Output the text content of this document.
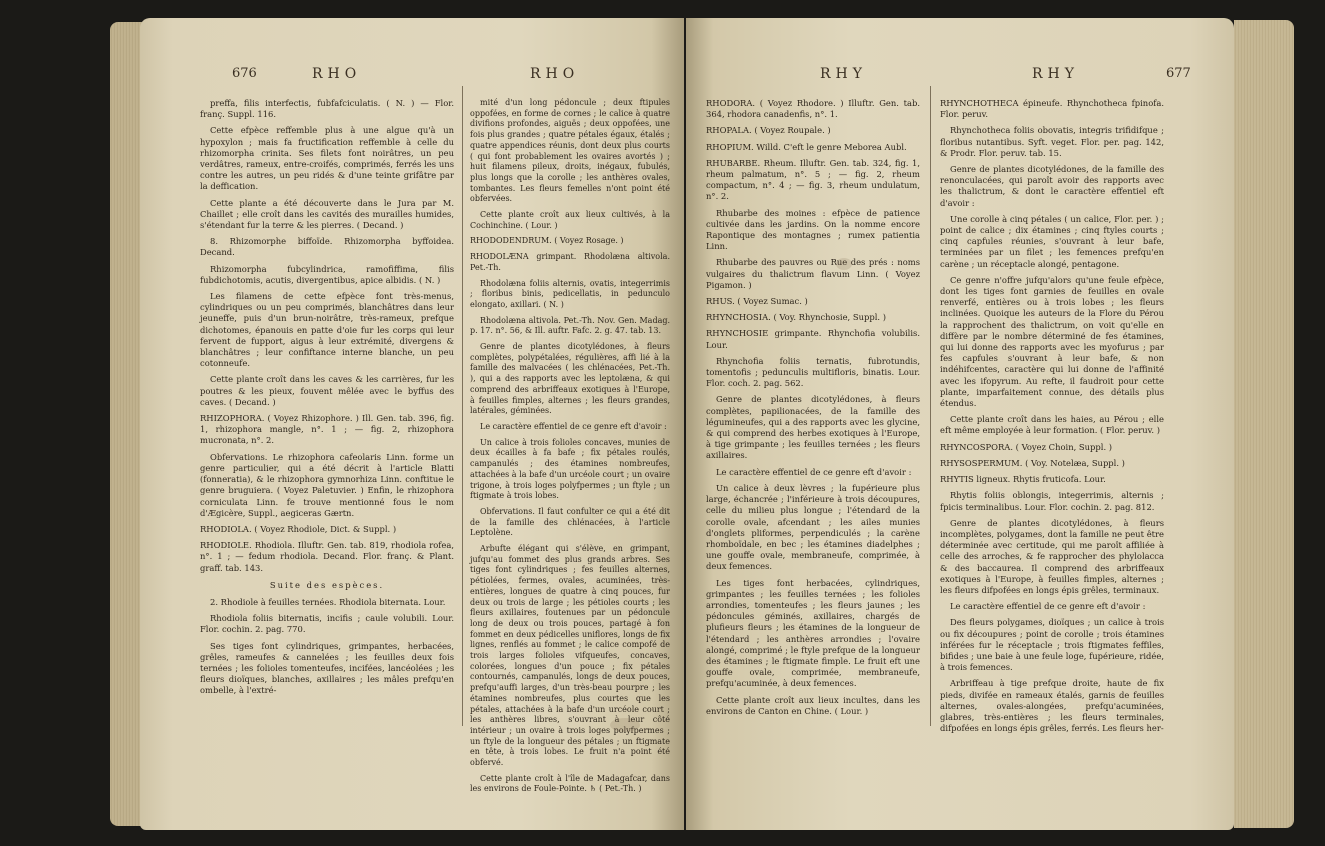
676	RHO	RHO

preffa, filis interfectis, fubfafciculatis. ( N. ) — Flor. franç. Suppl. 116.

Cette efpèce reffemble plus à une algue qu'à un hypoxylon ; mais fa fructification reffemble à celle du rhizomorpha crinita. Ses filets font noirâtres, un peu verdâtres, rameux, entre-croifés, comprimés, ferrés les uns contre les autres, un peu ridés & d'une teinte grifâtre par la deffication.

Cette plante a été découverte dans le Jura par M. Chaillet ; elle croît dans les cavités des murailles humides, s'étendant fur la terre & les pierres. ( Decand. )

8. Rhizomorphe biffoïde. Rhizomorpha byffoidea. Decand.

Rhizomorpha fubcylindrica, ramofiffima, filis fubdichotomis, acutis, divergentibus, apice albidis. ( N. )

Les filamens de cette efpèce font très-menus, cylindriques ou un peu comprimés, blanchâtres dans leur jeuneffe, puis d'un brun-noirâtre, très-rameux, prefque dichotomes, épanouis en patte d'oie fur les corps qui leur fervent de fupport, aigus à leur extrémité, divergens & blanchâtres ; leur confiftance interne blanche, un peu cotonneufe.

Cette plante croît dans les caves & les carrières, fur les poutres & les pieux, fouvent mêlée avec le byffus des caves. ( Decand. )

RHIZOPHORA. ( Voyez Rhizophore. ) Ill. Gen. tab. 396, fig. 1, rhizophora mangle, n°. 1 ; — fig. 2, rhizophora mucronata, n°. 2.

Obfervations. Le rhizophora cafeolaris Linn. forme un genre particulier, qui a été décrit à l'article Blatti (fonneratia), & le rhizophora gymnorhiza Linn. conftitue le genre bruguiera. ( Voyez Paletuvier. ) Enfin, le rhizophora corniculata Linn. fe trouve mentionné fous le nom d'Ægicère, Suppl., aegiceras Gærtn.

RHODIOLA. ( Voyez Rhodiole, Dict. & Suppl. )

RHODIOLE. Rhodiola. Illuftr. Gen. tab. 819, rhodiola rofea, n°. 1 ; — fedum rhodiola. Decand. Flor. franç. & Plant. graff. tab. 143.

Suite des espèces.

2. Rhodiole à feuilles ternées. Rhodiola biternata. Lour.

Rhodiola foliis biternatis, incifis ; caule volubili. Lour. Flor. cochin. 2. pag. 770.

Ses tiges font cylindriques, grimpantes, herbacées, grêles, rameufes & cannelées ; les feuilles deux fois ternées ; les folioles tomenteufes, incifées, lancéolées ; les fleurs dioïques, blanches, axillaires ; les mâles prefqu'en ombelle, à l'extré-

mité d'un long pédoncule ; deux ftipules oppofées, en forme de cornes ; le calice à quatre divifions profondes, aiguës ; deux oppofées, une fois plus grandes ; quatre pétales égaux, étalés ; quatre appendices réunis, dont deux plus courts ( qui font probablement les ovaires avortés ) ; huit filamens pileux, droits, inégaux, fubulés, plus longs que la corolle ; les anthères ovales, tombantes. Les fleurs femelles n'ont point été obfervées.

Cette plante croît aux lieux cultivés, à la Cochinchine. ( Lour. )

RHODODENDRUM. ( Voyez Rosage. )

RHODOLÆNA grimpant. Rhodolæna altivola. Pet.-Th.

Rhodolæna foliis alternis, ovatis, integerrimis ; floribus binis, pedicellatis, in pedunculo elongato, axillari. ( N. )

Rhodolæna altivola. Pet.-Th. Nov. Gen. Madag. p. 17. n°. 56, & Ill. auftr. Fafc. 2. g. 47. tab. 13.

Genre de plantes dicotylédones, à fleurs complètes, polypétalées, régulières, affi lié à la famille des malvacées ( les chlénacées, Pet.-Th. ), qui a des rapports avec les leptolæna, & qui comprend des arbriffeaux exotiques à l'Europe, à feuilles fimples, alternes ; les fleurs grandes, latérales, géminées.

Le caractère effentiel de ce genre eft d'avoir :

Un calice à trois folioles concaves, munies de deux écailles à fa bafe ; fix pétales roulés, campanulés ; des étamines nombreufes, attachées à la bafe d'un urcéole court ; un ovaire trigone, à trois loges polyfpermes ; un ftyle ; un ftigmate à trois lobes.

Obfervations. Il faut confulter ce qui a été dit de la famille des chlénacées, à l'article Leptolène.

Arbufte élégant qui s'élève, en grimpant, jufqu'au fommet des plus grands arbres. Ses tiges font cylindriques ; fes feuilles alternes, pétiolées, fermes, ovales, acuminées, très-entières, longues de quatre à cinq pouces, fur deux ou trois de large ; les pétioles courts ; les fleurs axillaires, foutenues par un pédoncule long de deux ou trois pouces, partagé à fon fommet en deux pédicelles uniflores, longs de fix lignes, renflés au fommet ; le calice compofé de trois larges folioles vifqueufes, concaves, colorées, longues d'un pouce ; fix pétales contournés, campanulés, longs de deux pouces, prefqu'auffi larges, d'un très-beau pourpre ; les étamines nombreufes, plus courtes que les pétales, attachées à la bafe d'un urcéole court ; les anthères libres, s'ouvrant à leur côté intérieur ; un ovaire à trois loges polyfpermes ; un ftyle de la longueur des pétales ; un ftigmate en tête, à trois lobes. Le fruit n'a point été obfervé.

Cette plante croît à l'île de Madagafcar, dans les environs de Foule-Pointe. ♄ ( Pet.-Th. )

RHY	RHY	677

RHODORA. ( Voyez Rhodore. ) Illuftr. Gen. tab. 364, rhodora canadenfis, n°. 1.

RHOPALA. ( Voyez Roupale. )

RHOPIUM. Willd. C'eft le genre Meborea Aubl.

RHUBARBE. Rheum. Illuftr. Gen. tab. 324, fig. 1, rheum palmatum, n°. 5 ; — fig. 2, rheum compactum, n°. 4 ; — fig. 3, rheum undulatum, n°. 2.

Rhubarbe des moines : efpèce de patience cultivée dans les jardins. On la nomme encore Rapontique des montagnes ; rumex patientia Linn.

Rhubarbe des pauvres ou Rue des prés : noms vulgaires du thalictrum flavum Linn. ( Voyez Pigamon. )

RHUS. ( Voyez Sumac. )

RHYNCHOSIA. ( Voy. Rhynchosie, Suppl. )

RHYNCHOSIE grimpante. Rhynchofia volubilis. Lour.

Rhynchofia foliis ternatis, fubrotundis, tomentofis ; pedunculis multifloris, binatis. Lour. Flor. coch. 2. pag. 562.

Genre de plantes dicotylédones, à fleurs complètes, papilionacées, de la famille des légumineufes, qui a des rapports avec les glycine, & qui comprend des herbes exotiques à l'Europe, à tige grimpante ; les feuilles ternées ; les fleurs axillaires.

Le caractère effentiel de ce genre eft d'avoir :

Un calice à deux lèvres ; la fupérieure plus large, échancrée ; l'inférieure à trois découpures, celle du milieu plus longue ; l'étendard de la corolle ovale, afcendant ; les ailes munies d'onglets pliformes, perpendiculés ; la carène rhomboïdale, en bec ; les étamines diadelphes ; une gouffe ovale, membraneufe, comprimée, à deux femences.

Les tiges font herbacées, cylindriques, grimpantes ; les feuilles ternées ; les folioles arrondies, tomenteufes ; les fleurs jaunes ; les pédoncules géminés, axillaires, chargés de plufieurs fleurs ; les étamines de la longueur de l'étendard ; les anthères arrondies ; l'ovaire alongé, comprimé ; le ftyle prefque de la longueur des étamines ; le ftigmate fimple. Le fruit eft une gouffe ovale, comprimée, membraneufe, prefqu'acuminée, à deux femences.

Cette plante croît aux lieux incultes, dans les environs de Canton en Chine. ( Lour. )

RHYNCHOTHECA épineufe. Rhynchotheca fpinofa. Flor. peruv.

Rhynchotheca foliis obovatis, integris trifidifque ; floribus nutantibus. Syft. veget. Flor. per. pag. 142, & Prodr. Flor. peruv. tab. 15.

Genre de plantes dicotylédones, de la famille des renonculacées, qui paroît avoir des rapports avec les thalictrum, & dont le caractère effentiel eft d'avoir :

Une corolle à cinq pétales ( un calice, Flor. per. ) ; point de calice ; dix étamines ; cinq ftyles courts ; cinq capfules réunies, s'ouvrant à leur bafe, terminées par un filet ; les femences prefqu'en carène ; un réceptacle alongé, pentagone.

Ce genre n'offre jufqu'alors qu'une feule efpèce, dont les tiges font garnies de feuilles en ovale renverfé, entières ou à trois lobes ; les fleurs inclinées. Quoique les auteurs de la Flore du Pérou la rapprochent des thalictrum, on voit qu'elle en diffère par le nombre déterminé de fes étamines, qui lui donne des rapports avec les myofurus ; par fes capfules s'ouvrant à leur bafe, & non indéhifcentes, caractère qui lui donne de l'affinité avec les ifopyrum. Au refte, il faudroit pour cette plante, imparfaitement connue, des détails plus étendus.

Cette plante croît dans les haies, au Pérou ; elle eft même employée à leur formation. ( Flor. peruv. )

RHYNCOSPORA. ( Voyez Choin, Suppl. )

RHYSOSPERMUM. ( Voy. Notelæa, Suppl. )

RHYTIS ligneux. Rhytis fruticofa. Lour.

Rhytis foliis oblongis, integerrimis, alternis ; fpicis terminalibus. Lour. Flor. cochin. 2. pag. 812.

Genre de plantes dicotylédones, à fleurs incomplètes, polygames, dont la famille ne peut être déterminée avec certitude, qui me paroît affiliée à celle des arroches, & fe rapprocher des phylolacca & des baccaurea. Il comprend des arbriffeaux exotiques à l'Europe, à feuilles fimples, alternes ; les fleurs difpofées en longs épis grêles, terminaux.

Le caractère effentiel de ce genre eft d'avoir :

Des fleurs polygames, dioïques ; un calice à trois ou fix découpures ; point de corolle ; trois étamines inférées fur le réceptacle ; trois ftigmates feffiles, bifides ; une baie à une feule loge, fupérieure, ridée, à trois femences.

Arbriffeau à tige prefque droite, haute de fix pieds, divifée en rameaux étalés, garnis de feuilles alternes, ovales-alongées, prefqu'acuminées, glabres, très-entières ; les fleurs terminales, difpofées en longs épis grêles, ferrés. Les fleurs her-
